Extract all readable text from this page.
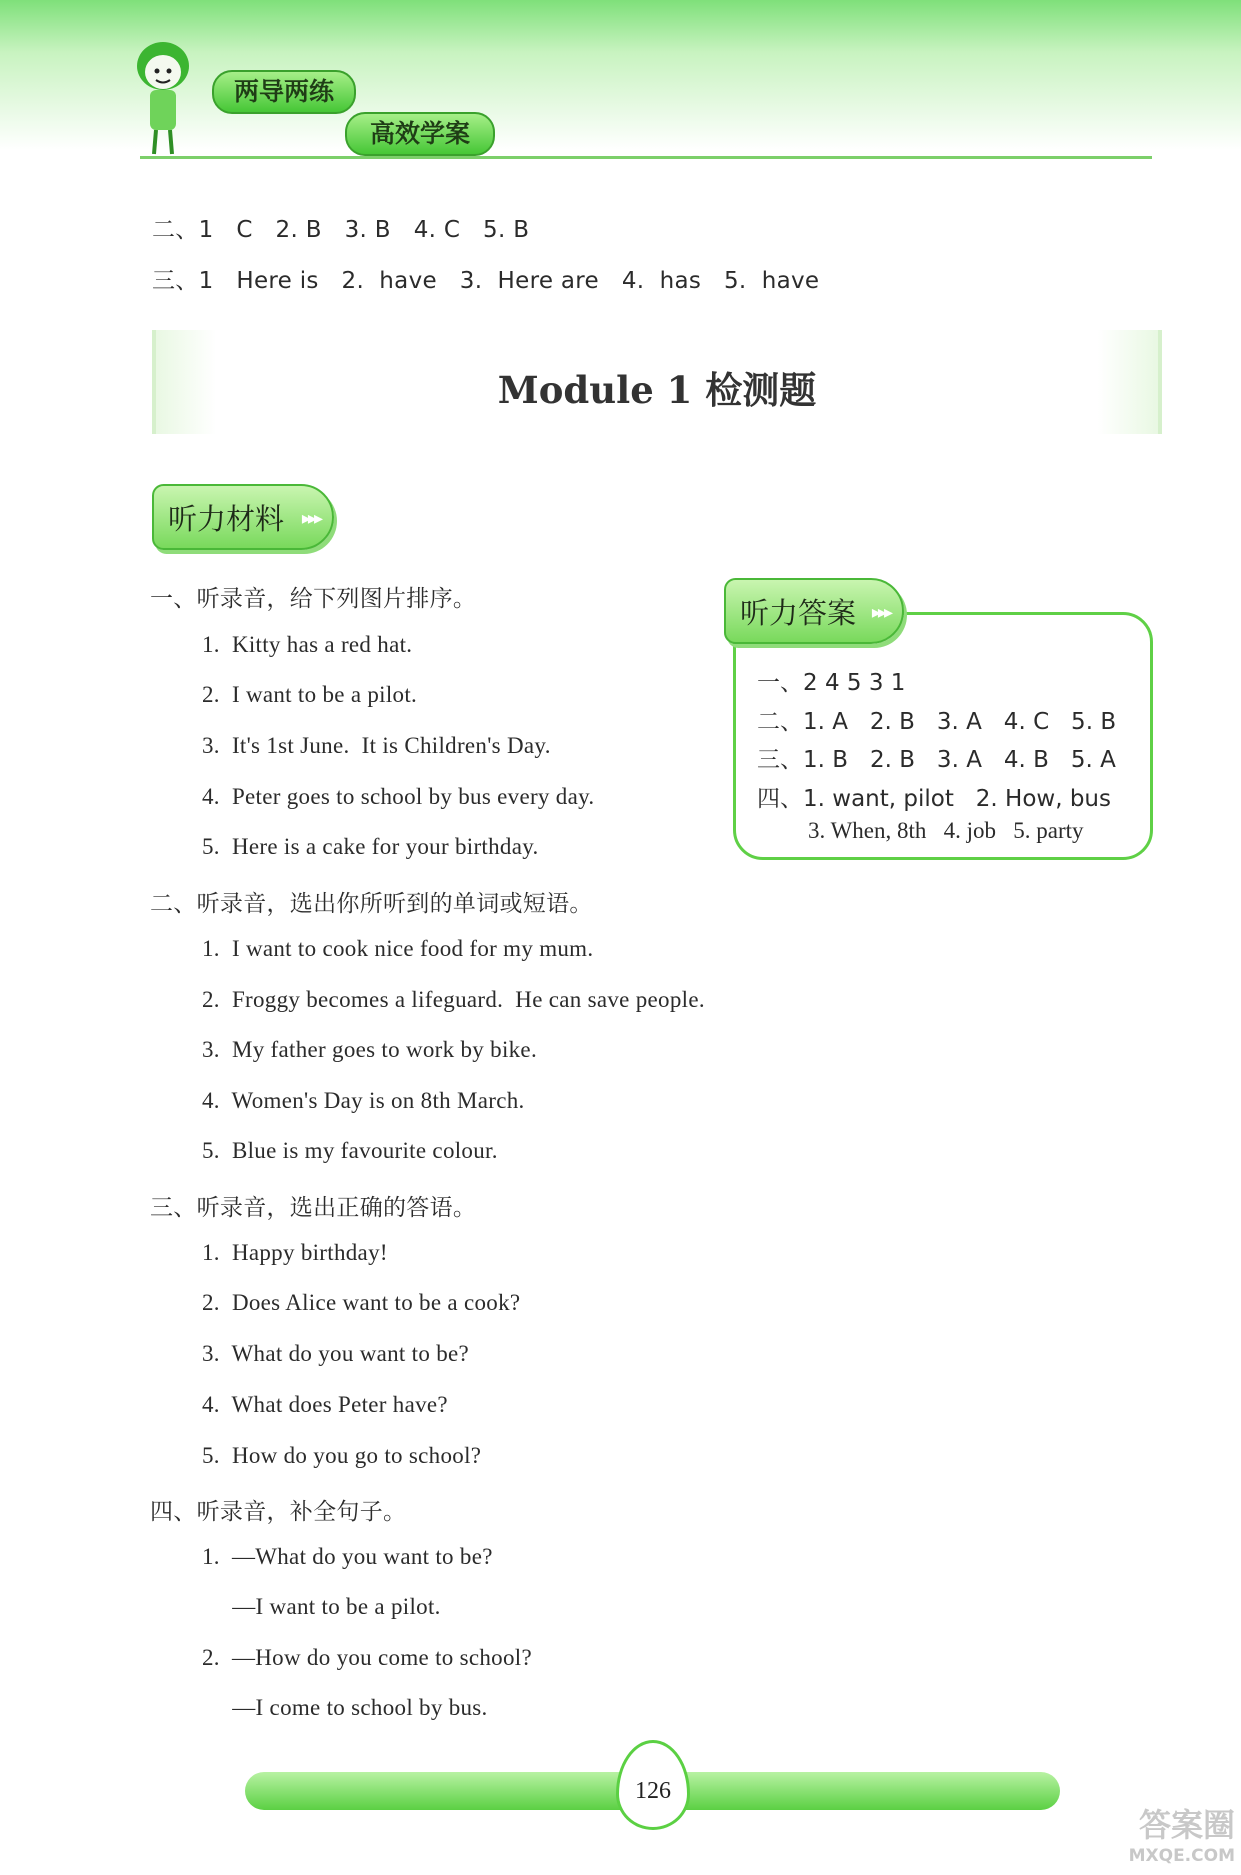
两导两练
高效学案
二、1   C   2. B   3. B   4. C   5. B
三、1   Here is   2.  have   3.  Here are   4.  has   5.  have
Module 1 检测题
听力材料 ▸▸▸
一、听录音，给下列图片排序。
1.  Kitty has a red hat.
2.  I want to be a pilot.
3.  It's 1st June.  It is Children's Day.
4.  Peter goes to school by bus every day.
5.  Here is a cake for your birthday.
二、听录音，选出你所听到的单词或短语。
1.  I want to cook nice food for my mum.
2.  Froggy becomes a lifeguard.  He can save people.
3.  My father goes to work by bike.
4.  Women's Day is on 8th March.
5.  Blue is my favourite colour.
三、听录音，选出正确的答语。
1.  Happy birthday!
2.  Does Alice want to be a cook?
3.  What do you want to be?
4.  What does Peter have?
5.  How do you go to school?
四、听录音，补全句子。
1.  —What do you want to be?
—I want to be a pilot.
2.  —How do you come to school?
—I come to school by bus.
听力答案 ▸▸▸
一、2 4 5 3 1
二、1. A   2. B   3. A   4. C   5. B
三、1. B   2. B   3. A   4. B   5. A
四、1. want, pilot   2. How, bus
3. When, 8th   4. job   5. party
126
答案圈
MXQE.COM
